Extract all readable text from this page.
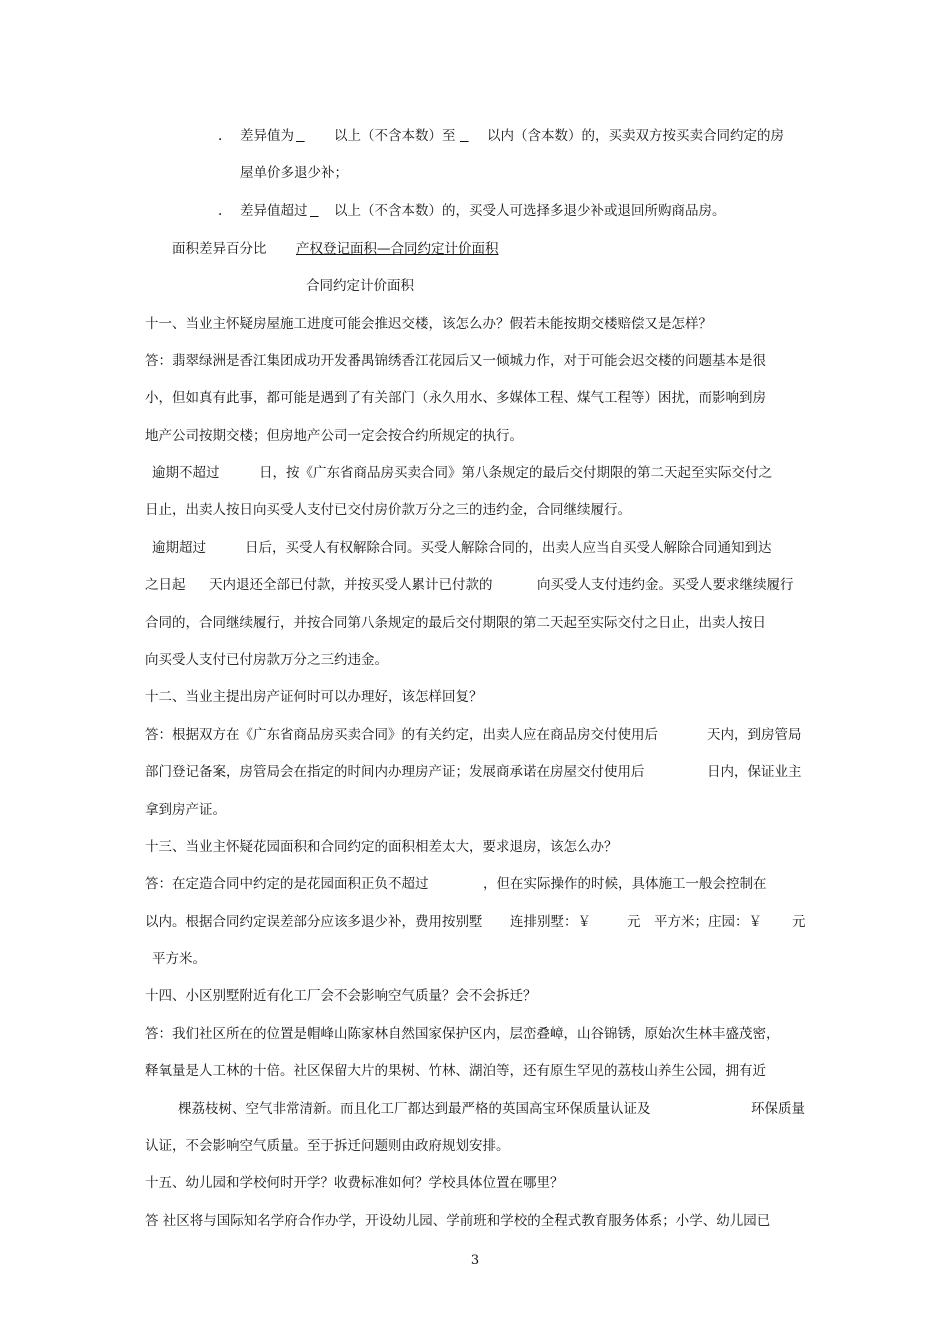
. 差异值为
	以上（不含本数）至
以内（含本数）的，买卖双方按买卖合同约定的房
屋单价多退少补；
. 差异值超过
以上（不含本数）的，买受人可选择多退少补或退回所购商品房。
面积差异百分比 产权登记面积—合同约定计价面积
合同约定计价面积
十一、当业主怀疑房屋施工进度可能会推迟交楼，该怎么办？假若未能按期交楼赔偿又是怎样？
答：翡翠绿洲是香江集团成功开发番禺锦绣香江花园后又一倾城力作，对于可能会迟交楼的问题基本是很
小，但如真有此事，都可能是遇到了有关部门（永久用水、多媒体工程、煤气工程等）困扰，而影响到房
地产公司按期交楼；但房地产公司一定会按合约所规定的执行。
逾期不超过	日，按《广东省商品房买卖合同》第八条规定的最后交付期限的第二天起至实际交付之
日止，出卖人按日向买受人支付已交付房价款万分之三的违约金，合同继续履行。
逾期超过	日后，买受人有权解除合同。买受人解除合同的，出卖人应当自买受人解除合同通知到达
之日起 天内退还全部已付款，并按买受人累计已付款的	向买受人支付违约金。买受人要求继续履行
合同的，合同继续履行，并按合同第八条规定的最后交付期限的第二天起至实际交付之日止，出卖人按日
向买受人支付已付房款万分之三约违金。
十二、当业主提出房产证何时可以办理好，该怎样回复？
答：根据双方在《广东省商品房买卖合同》的有关约定，出卖人应在商品房交付使用后	天内，到房管局
部门登记备案，房管局会在指定的时间内办理房产证；发展商承诺在房屋交付使用后	日内，保证业主
拿到房产证。
十三、当业主怀疑花园面积和合同约定的面积相差太大，要求退房，该怎么办？
答：在定造合同中约定的是花园面积正负不超过	，但在实际操作的时候，具体施工一般会控制在
以内。根据合同约定误差部分应该多退少补，费用按别墅 连排别墅：￥	元 平方米；庄园：￥ 元
平方米。
十四、小区别墅附近有化工厂会不会影响空气质量？会不会拆迁？
答：我们社区所在的位置是帽峰山陈家林自然国家保护区内，层峦叠嶂，山谷锦锈，原始次生林丰盛茂密，
释氧量是人工林的十倍。社区保留大片的果树、竹林、湖泊等，还有原生罕见的荔枝山养生公园，拥有近
棵荔枝树、空气非常清新。而且化工厂都达到最严格的英国高宝环保质量认证及	环保质量
认证，不会影响空气质量。至于拆迁问题则由政府规划安排。
十五、幼儿园和学校何时开学？收费标准如何？学校具体位置在哪里？
答 社区将与国际知名学府合作办学，开设幼儿园、学前班和学校的全程式教育服务体系；小学、幼儿园已
3
